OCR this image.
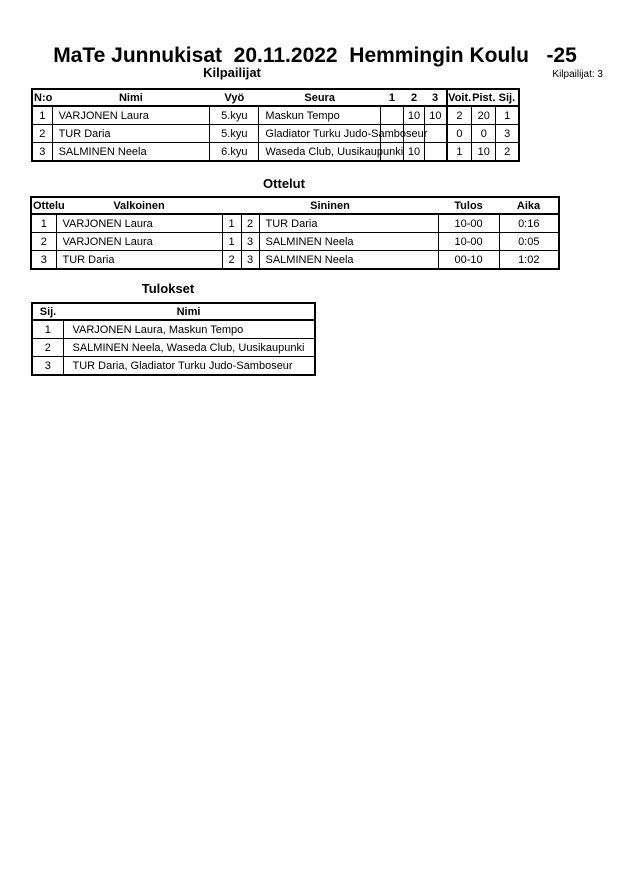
MaTe Junnukisat  20.11.2022  Hemmingin Koulu   -25
Kilpailijat	Kilpailijat: 3
N:o	Nimi	Vyö	Seura	1	2	3	Voit.	Pist.	Sij.
1	VARJONEN Laura	5.kyu	Maskun Tempo		10	10	2	20	1
2	TUR Daria	5.kyu	Gladiator Turku Judo-Samboseur				0	0	3
3	SALMINEN Neela	6.kyu	Waseda Club, Uusikaupunki		10		1	10	2
Ottelut
Ottelu	Valkoinen	Sininen			Tulos	Aika
1	VARJONEN Laura	1	2	TUR Daria	10-00	0:16
2	VARJONEN Laura	1	3	SALMINEN Neela	10-00	0:05
3	TUR Daria	2	3	SALMINEN Neela	00-10	1:02
Tulokset
Sij.	Nimi
1	VARJONEN Laura, Maskun Tempo
2	SALMINEN Neela, Waseda Club, Uusikaupunki
3	TUR Daria, Gladiator Turku Judo-Samboseur
